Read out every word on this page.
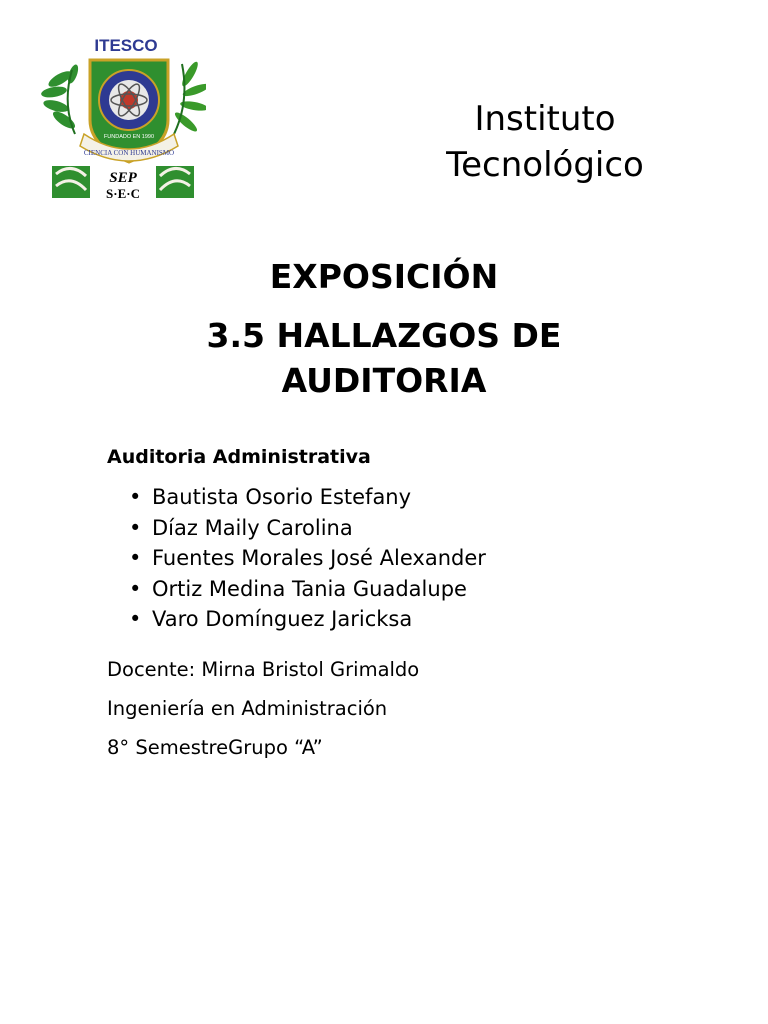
ITESCO
CIENCIA CON HUMANISMO
FUNDADO EN 1990
SEP
S·E·C
Instituto
Tecnológico
EXPOSICIÓN
3.5 HALLAZGOS DE AUDITORIA
Auditoria Administrativa
• Bautista Osorio Estefany
• Díaz Maily Carolina
• Fuentes Morales José Alexander
• Ortiz Medina Tania Guadalupe
• Varo Domínguez Jaricksa
Docente: Mirna Bristol Grimaldo
Ingeniería en Administración
8° SemestreGrupo “A”
